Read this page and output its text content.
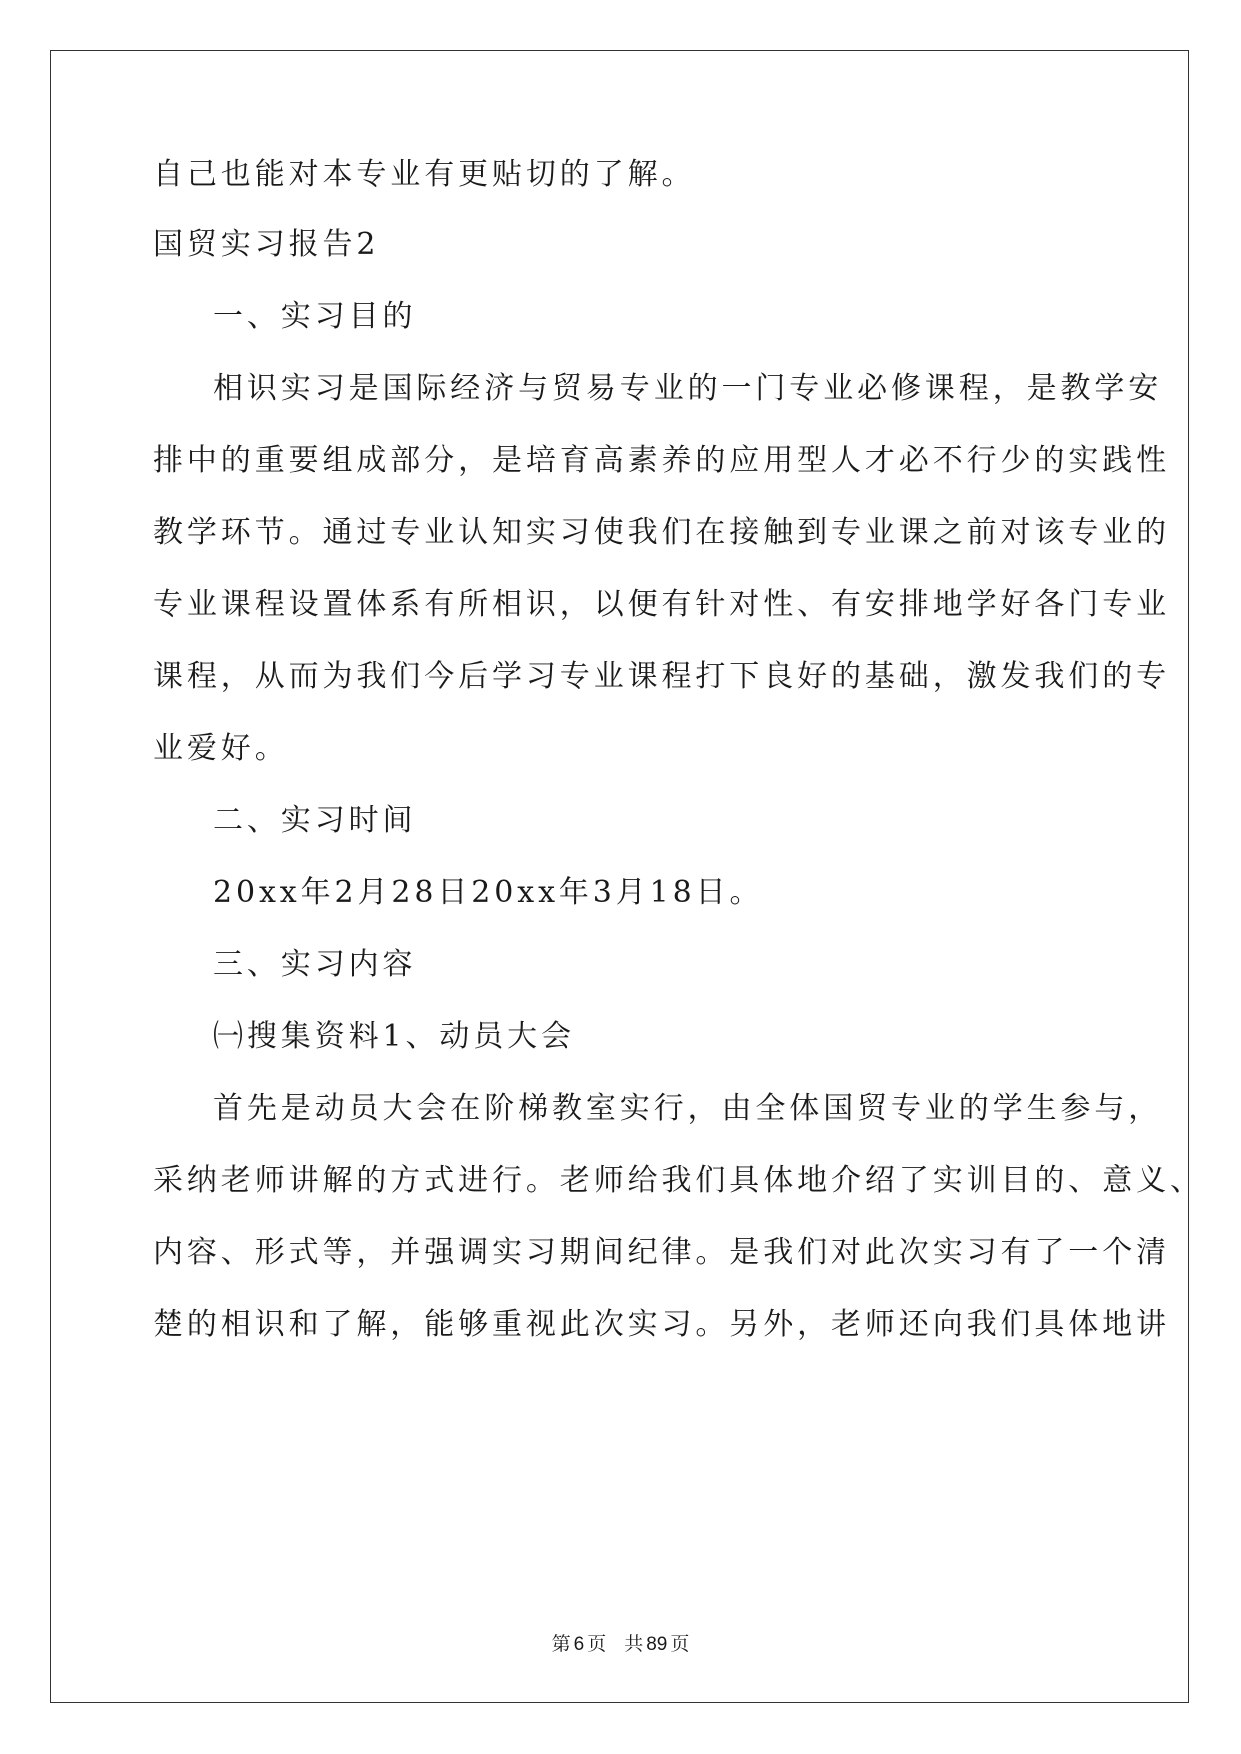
自己也能对本专业有更贴切的了解。
国贸实习报告2
一、实习目的
相识实习是国际经济与贸易专业的一门专业必修课程，是教学安
排中的重要组成部分，是培育高素养的应用型人才必不行少的实践性
教学环节。通过专业认知实习使我们在接触到专业课之前对该专业的
专业课程设置体系有所相识，以便有针对性、有安排地学好各门专业
课程，从而为我们今后学习专业课程打下良好的基础，激发我们的专
业爱好。
二、实习时间
20xx年2月28日20xx年3月18日。
三、实习内容
㈠搜集资料1、动员大会
首先是动员大会在阶梯教室实行，由全体国贸专业的学生参与，
采纳老师讲解的方式进行。老师给我们具体地介绍了实训目的、意义、
内容、形式等，并强调实习期间纪律。是我们对此次实习有了一个清
楚的相识和了解，能够重视此次实习。另外，老师还向我们具体地讲
第 6 页 共 89 页
